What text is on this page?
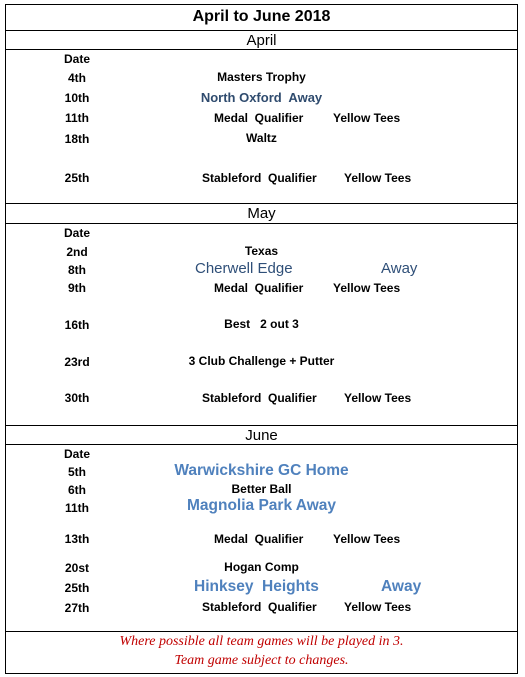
April to June 2018
April
Date
4th	Masters Trophy
10th	North Oxford  Away
11th	Medal  Qualifier Yellow Tees
18th	Waltz
25th	Stableford  Qualifier Yellow Tees
May
Date
2nd	Texas
8th	Cherwell Edge	Away
9th	Medal  Qualifier Yellow Tees
16th	Best   2 out 3
23rd	3 Club Challenge + Putter
30th	Stableford  Qualifier Yellow Tees
June
Date
5th	Warwickshire GC Home
6th	Better Ball
11th	Magnolia Park Away
13th	Medal  Qualifier Yellow Tees
20st	Hogan Comp
25th	Hinksey  Heights	Away
27th	Stableford  Qualifier Yellow Tees
Where possible all team games will be played in 3.
Team game subject to changes.
